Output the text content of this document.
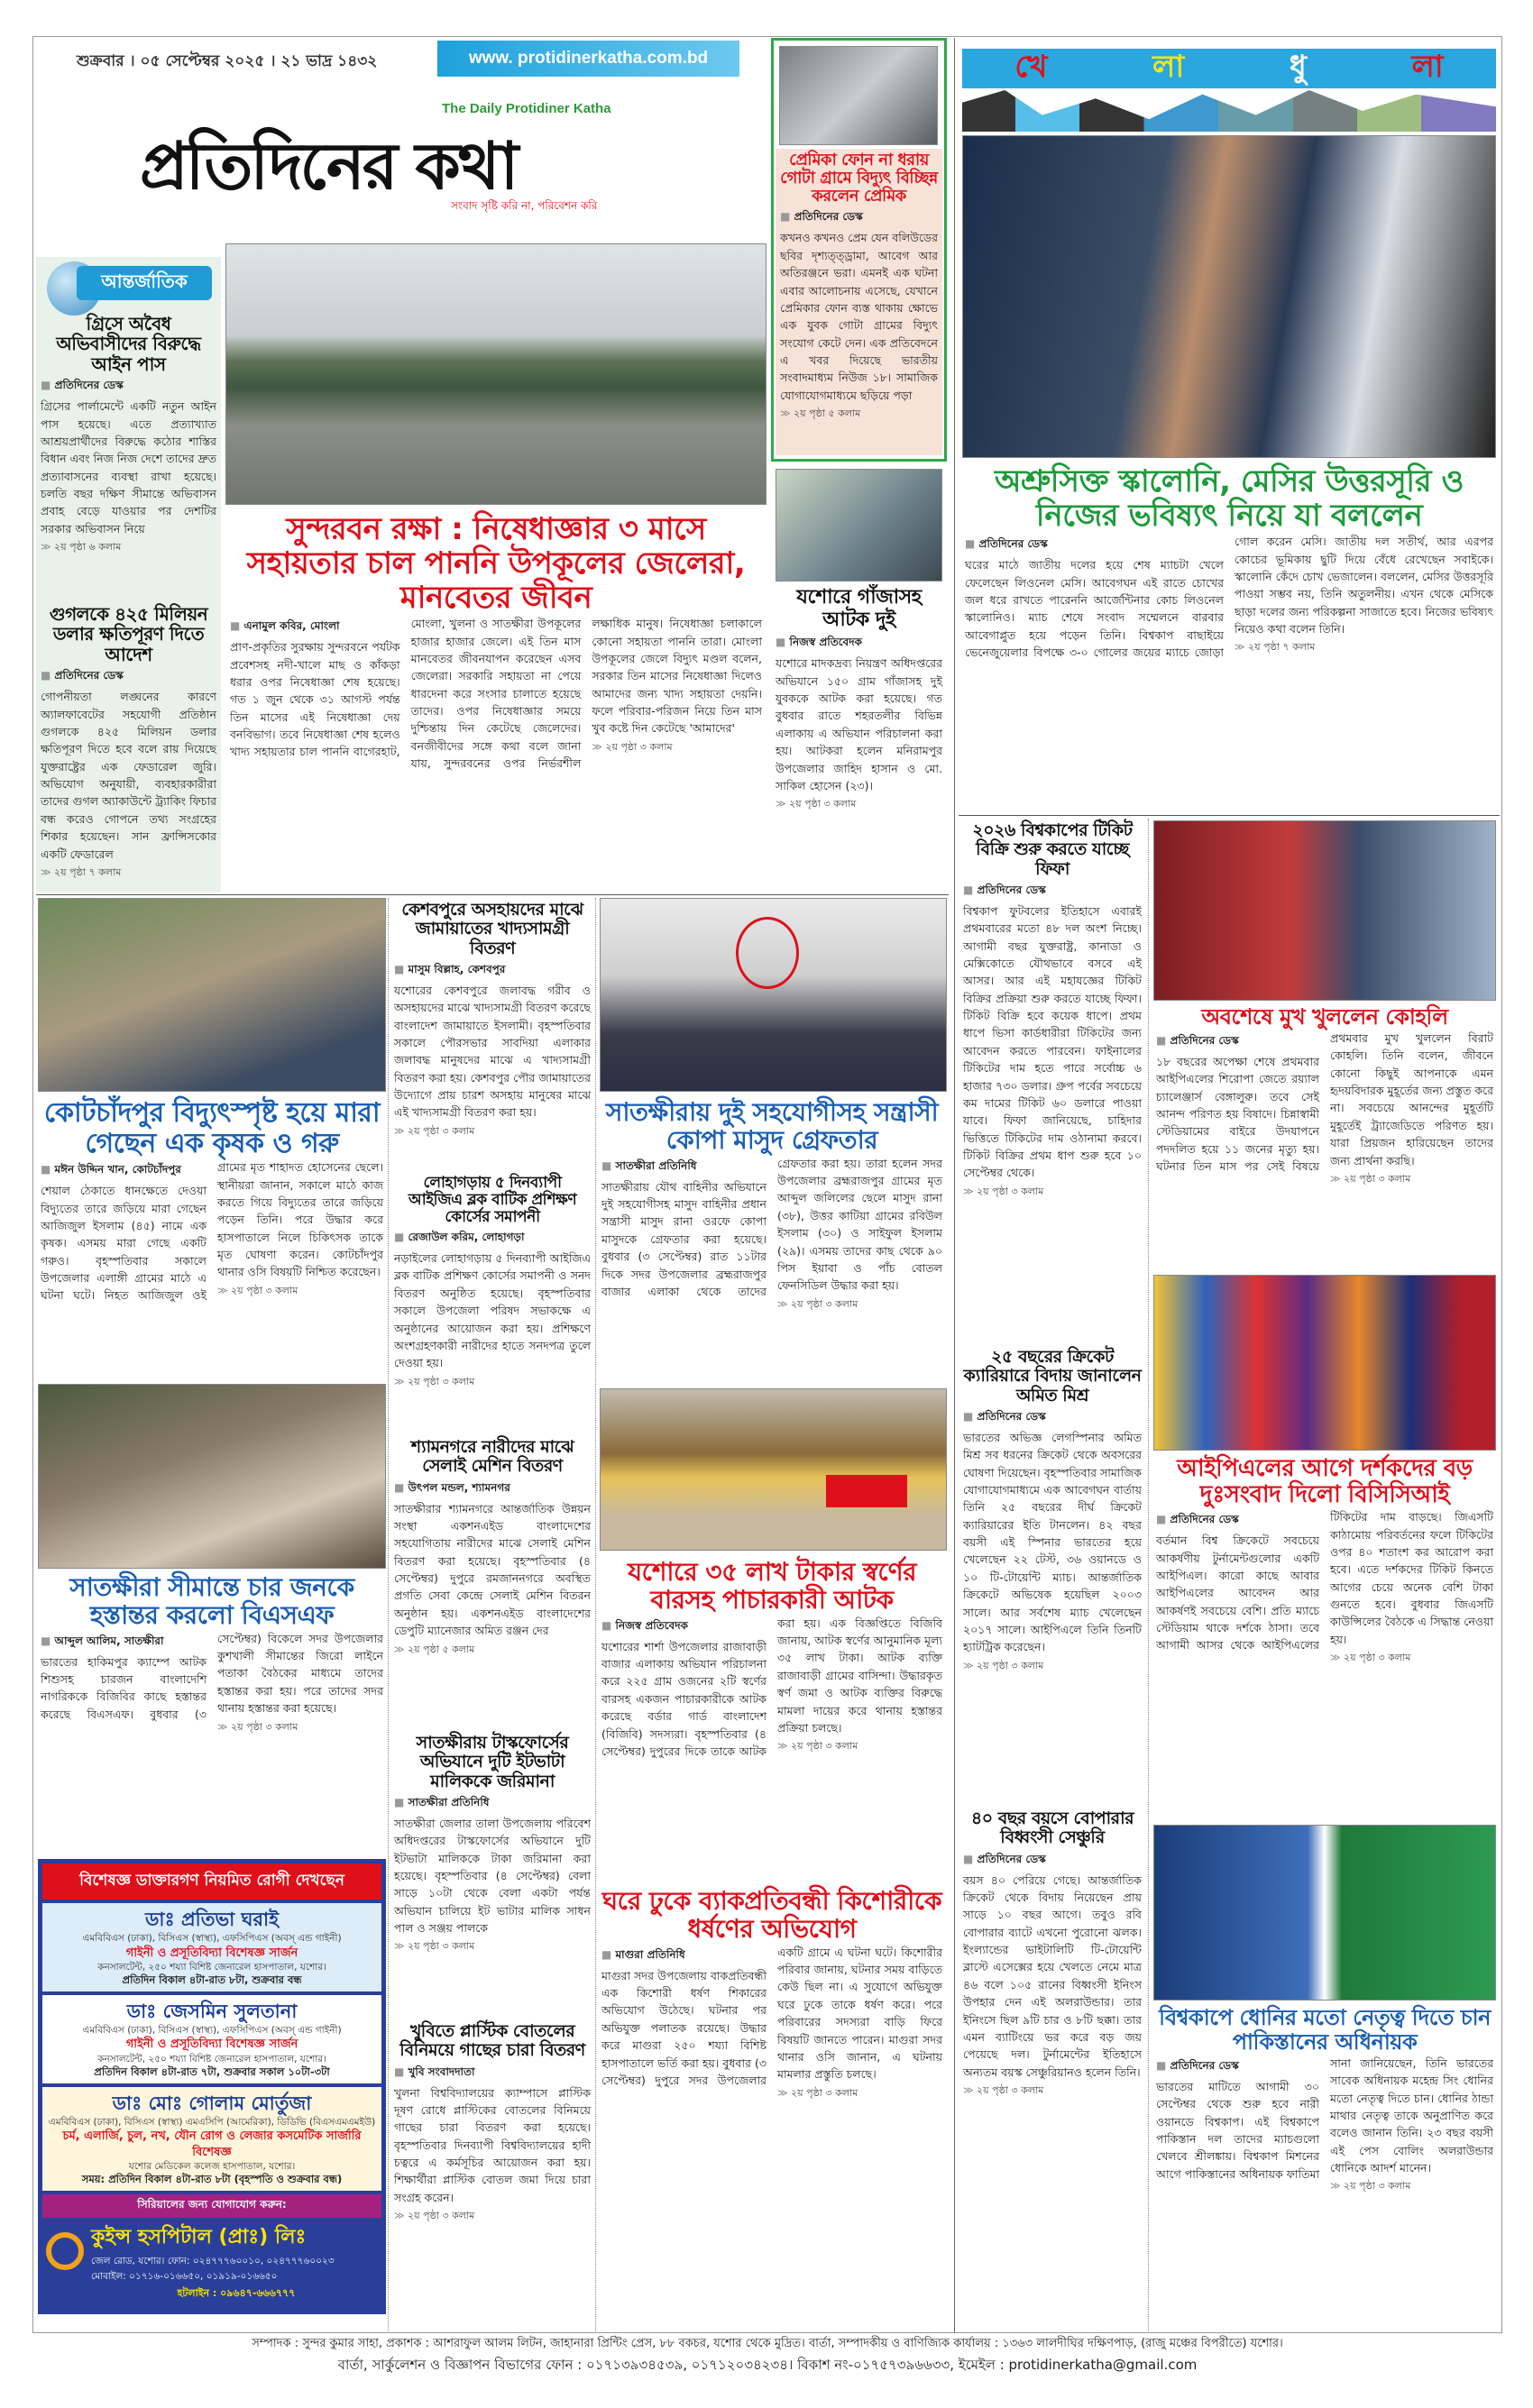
শুক্রবার । ০৫ সেপ্টেম্বর ২০২৫ । ২১ ভাদ্র ১৪৩২	www. protidinerkatha.com.bd
The Daily Protidiner Katha
প্রতিদিনের কথা
সংবাদ সৃষ্টি করি না, পরিবেশন করি
আন্তর্জাতিক
গ্রিসে অবৈধ অভিবাসীদের বিরুদ্ধে আইন পাস
■ প্রতিদিনের ডেস্ক
গ্রিসের পার্লামেন্টে একটি নতুন আইন পাস হয়েছে। এতে প্রত্যাখ্যাত আশ্রয়প্রার্থীদের বিরুদ্ধে কঠোর শাস্তির বিধান এবং নিজ নিজ দেশে তাদের দ্রুত প্রত্যাবাসনের ব্যবস্থা রাখা হয়েছে। চলতি বছর দক্ষিণ সীমান্তে অভিবাসন প্রবাহ বেড়ে যাওয়ার পর দেশটির সরকার অভিবাসন নিয়ে
≫ ২য় পৃষ্ঠা ৬ কলাম
গুগলকে ৪২৫ মিলিয়ন ডলার ক্ষতিপূরণ দিতে আদেশ
■ প্রতিদিনের ডেস্ক
গোপনীয়তা লঙ্ঘনের কারণে অ্যালফাবেটের সহযোগী প্রতিষ্ঠান গুগলকে ৪২৫ মিলিয়ন ডলার ক্ষতিপূরণ দিতে হবে বলে রায় দিয়েছে যুক্তরাষ্ট্রের এক ফেডারেল জুরি। অভিযোগ অনুযায়ী, ব্যবহারকারীরা তাদের গুগল অ্যাকাউন্টে ট্র্যাকিং ফিচার বন্ধ করেও গোপনে তথ্য সংগ্রহের শিকার হয়েছেন। সান ফ্রান্সিসকোর একটি ফেডারেল
≫ ২য় পৃষ্ঠা ৭ কলাম
প্রেমিকা ফোন না ধরায় গোটা গ্রামে বিদ্যুৎ বিচ্ছিন্ন করলেন প্রেমিক
■ প্রতিদিনের ডেস্ক
কখনও কখনও প্রেম যেন বলিউডের ছবির দৃশ্যত্ত্ড্রামা, আবেগ আর অতিরঞ্জনে ভরা। এমনই এক ঘটনা এবার আলোচনায় এসেছে, যেখানে প্রেমিকার ফোন ব্যস্ত থাকায় ক্ষোভে এক যুবক গোটা গ্রামের বিদ্যুৎ সংযোগ কেটে দেন। এক প্রতিবেদনে এ খবর দিয়েছে ভারতীয় সংবাদমাধ্যম নিউজ ১৮। সামাজিক যোগাযোগমাধ্যমে ছড়িয়ে পড়া
≫ ২য় পৃষ্ঠা ৫ কলাম
সুন্দরবন রক্ষা : নিষেধাজ্ঞার ৩ মাসে সহায়তার চাল পাননি উপকূলের জেলেরা, মানবেতর জীবন
■ এনামুল কবির, মোংলা
প্রাণ-প্রকৃতির সুরক্ষায় সুন্দরবনে পর্যটক প্রবেশসহ নদী-খালে মাছ ও কাঁকড়া ধরার ওপর নিষেধাজ্ঞা শেষ হয়েছে। গত ১ জুন থেকে ৩১ আগস্ট পর্যন্ত তিন মাসের এই নিষেধাজ্ঞা দেয় বনবিভাগ। তবে নিষেধাজ্ঞা শেষ হলেও খাদ্য সহায়তার চাল পাননি বাগেরহাট, মোংলা, খুলনা ও সাতক্ষীরা উপকূলের হাজার হাজার জেলে। এই তিন মাস মানবেতর জীবনযাপন করেছেন এসব জেলেরা। সরকারি সহায়তা না পেয়ে ধারদেনা করে সংসার চালাতে হয়েছে তাদের। ওপর নিষেধাজ্ঞার সময়ে দুশ্চিন্তায় দিন কেটেছে জেলেদের। বনজীবীদের সঙ্গে কথা বলে জানা যায়, সুন্দরবনের ওপর নির্ভরশীল লক্ষাধিক মানুষ। নিষেধাজ্ঞা চলাকালে কোনো সহায়তা পাননি তারা। মোংলা উপকূলের জেলে বিদ্যুৎ মণ্ডল বলেন, সরকার তিন মাসের নিষেধাজ্ঞা দিলেও আমাদের জন্য খাদ্য সহায়তা দেয়নি। ফলে পরিবার-পরিজন নিয়ে তিন মাস খুব কষ্টে দিন কেটেছে 'আমাদের'
≫ ২য় পৃষ্ঠা ৩ কলাম
যশোরে গাঁজাসহ আটক দুই
■ নিজস্ব প্রতিবেদক
যশোরে মাদকদ্রব্য নিয়ন্ত্রণ অধিদপ্তরের অভিযানে ১৫০ গ্রাম গাঁজাসহ দুই যুবককে আটক করা হয়েছে। গত বুধবার রাতে শহরতলীর বিভিন্ন এলাকায় এ অভিযান পরিচালনা করা হয়। আটকরা হলেন মনিরামপুর উপজেলার জাহিদ হাসান ও মো. সাকিল হোসেন (২৩)।
≫ ২য় পৃষ্ঠা ৩ কলাম
কোটচাঁদপুর বিদ্যুৎস্পৃষ্ট হয়ে মারা গেছেন এক কৃষক ও গরু
■ মঈন উদ্দিন খান, কোটচাঁদপুর
শেয়াল ঠেকাতে ধানক্ষেতে দেওয়া বিদ্যুতের তারে জড়িয়ে মারা গেছেন আজিজুল ইসলাম (৪৫) নামে এক কৃষক। এসময় মারা গেছে একটি গরুও। বৃহস্পতিবার সকালে উপজেলার এলাঙ্গী গ্রামের মাঠে এ ঘটনা ঘটে। নিহত আজিজুল ওই গ্রামের মৃত শাহাদত হোসেনের ছেলে। স্থানীয়রা জানান, সকালে মাঠে কাজ করতে গিয়ে বিদ্যুতের তারে জড়িয়ে পড়েন তিনি। পরে উদ্ধার করে হাসপাতালে নিলে চিকিৎসক তাকে মৃত ঘোষণা করেন। কোটচাঁদপুর থানার ওসি বিষয়টি নিশ্চিত করেছেন।
≫ ২য় পৃষ্ঠা ৩ কলাম
কেশবপুরে অসহায়দের মাঝে জামায়াতের খাদ্যসামগ্রী বিতরণ
■ মাসুম বিল্লাহ, কেশবপুর
যশোরের কেশবপুরে জলাবদ্ধ গরীব ও অসহায়দের মাঝে খাদ্যসামগ্রী বিতরণ করেছে বাংলাদেশ জামায়াতে ইসলামী। বৃহস্পতিবার সকালে পৌরসভার সাবদিয়া এলাকার জলাবদ্ধ মানুষদের মাঝে এ খাদ্যসামগ্রী বিতরণ করা হয়। কেশবপুর পৌর জামায়াতের উদ্যোগে প্রায় চারশ অসহায় মানুষের মাঝে এই খাদ্যসামগ্রী বিতরণ করা হয়।
≫ ২য় পৃষ্ঠা ৩ কলাম
লোহাগড়ায় ৫ দিনব্যাপী আইজিএ ব্লক বাটিক প্রশিক্ষণ কোর্সের সমাপনী
■ রেজাউল করিম, লোহাগড়া
নড়াইলের লোহাগড়ায় ৫ দিনব্যাপী আইজিএ ব্লক বাটিক প্রশিক্ষণ কোর্সের সমাপনী ও সনদ বিতরণ অনুষ্ঠিত হয়েছে। বৃহস্পতিবার সকালে উপজেলা পরিষদ সভাকক্ষে এ অনুষ্ঠানের আয়োজন করা হয়। প্রশিক্ষণে অংশগ্রহণকারী নারীদের হাতে সনদপত্র তুলে দেওয়া হয়।
≫ ২য় পৃষ্ঠা ৩ কলাম
সাতক্ষীরায় দুই সহযোগীসহ সন্ত্রাসী কোপা মাসুদ গ্রেফতার
■ সাতক্ষীরা প্রতিনিধি
সাতক্ষীরায় যৌথ বাহিনীর অভিযানে দুই সহযোগীসহ মাসুদ বাহিনীর প্রধান সন্ত্রাসী মাসুদ রানা ওরফে কোপা মাসুদকে গ্রেফতার করা হয়েছে। বুধবার (৩ সেপ্টেম্বর) রাত ১১টার দিকে সদর উপজেলার ব্রহ্মরাজপুর বাজার এলাকা থেকে তাদের গ্রেফতার করা হয়। তারা হলেন সদর উপজেলার ব্রহ্মরাজপুর গ্রামের মৃত আব্দুল জলিলের ছেলে মাসুদ রানা (৩৮), উত্তর কাটিয়া গ্রামের রবিউল ইসলাম (৩০) ও সাইফুল ইসলাম (২৯)। এসময় তাদের কাছ থেকে ৯০ পিস ইয়াবা ও পাঁচ বোতল ফেনসিডিল উদ্ধার করা হয়।
≫ ২য় পৃষ্ঠা ৩ কলাম
সাতক্ষীরা সীমান্তে চার জনকে হস্তান্তর করলো বিএসএফ
■ আব্দুল আলিম, সাতক্ষীরা
ভারতের হাকিমপুর ক্যাম্পে আটক শিশুসহ চারজন বাংলাদেশি নাগরিককে বিজিবির কাছে হস্তান্তর করেছে বিএসএফ। বুধবার (৩ সেপ্টেম্বর) বিকেলে সদর উপজেলার কুশখালী সীমান্তের জিরো লাইনে পতাকা বৈঠকের মাধ্যমে তাদের হস্তান্তর করা হয়। পরে তাদের সদর থানায় হস্তান্তর করা হয়েছে।
≫ ২য় পৃষ্ঠা ৩ কলাম
শ্যামনগরে নারীদের মাঝে সেলাই মেশিন বিতরণ
■ উৎপল মন্ডল, শ্যামনগর
সাতক্ষীরার শ্যামনগরে আন্তর্জাতিক উন্নয়ন সংস্থা একশনএইড বাংলাদেশের সহযোগিতায় নারীদের মাঝে সেলাই মেশিন বিতরণ করা হয়েছে। বৃহস্পতিবার (৪ সেপ্টেম্বর) দুপুরে রমজাননগরে অবস্থিত প্রগতি সেবা কেন্দ্রে সেলাই মেশিন বিতরন অনুষ্ঠান হয়। একশনএইড বাংলাদেশের ডেপুটি ম্যানেজার অমিত রঞ্জন দের
≫ ২য় পৃষ্ঠা ৫ কলাম
সাতক্ষীরায় টাস্কফোর্সের অভিযানে দুটি ইটভাটা মালিককে জরিমানা
■ সাতক্ষীরা প্রতিনিধি
সাতক্ষীরা জেলার তালা উপজেলায় পরিবেশ অধিদপ্তরের টাস্কফোর্সের অভিযানে দুটি ইটভাটা মালিককে টাকা জরিমানা করা হয়েছে। বৃহস্পতিবার (৪ সেপ্টেম্বর) বেলা সাড়ে ১০টা থেকে বেলা একটা পর্যন্ত অভিযান চালিয়ে ইট ভাটার মালিক সাধন পাল ও সঞ্জয় পালকে
≫ ২য় পৃষ্ঠা ৩ কলাম
খুবিতে প্লাস্টিক বোতলের বিনিময়ে গাছের চারা বিতরণ
■ খুবি সংবাদদাতা
খুলনা বিশ্ববিদ্যালয়ের ক্যাম্পাসে প্লাস্টিক দূষণ রোধে প্লাস্টিকের বোতলের বিনিময়ে গাছের চারা বিতরণ করা হয়েছে। বৃহস্পতিবার দিনব্যাপী বিশ্ববিদ্যালয়ের হাদী চত্বরে এ কর্মসূচির আয়োজন করা হয়। শিক্ষার্থীরা প্লাস্টিক বোতল জমা দিয়ে চারা সংগ্রহ করেন।
≫ ২য় পৃষ্ঠা ৩ কলাম
যশোরে ৩৫ লাখ টাকার স্বর্ণের বারসহ পাচারকারী আটক
■ নিজস্ব প্রতিবেদক
যশোরের শার্শা উপজেলার রাজাবাড়ী বাজার এলাকায় অভিযান পরিচালনা করে ২২৫ গ্রাম ওজনের ২টি স্বর্ণের বারসহ একজন পাচারকারীকে আটক করেছে বর্ডার গার্ড বাংলাদেশ (বিজিবি) সদস্যরা। বৃহস্পতিবার (৪ সেপ্টেম্বর) দুপুরের দিকে তাকে আটক করা হয়। এক বিজ্ঞপ্তিতে বিজিবি জানায়, আটক স্বর্ণের আনুমানিক মূল্য ৩৫ লাখ টাকা। আটক ব্যক্তি রাজাবাড়ী গ্রামের বাসিন্দা। উদ্ধারকৃত স্বর্ণ জমা ও আটক ব্যক্তির বিরুদ্ধে মামলা দায়ের করে থানায় হস্তান্তর প্রক্রিয়া চলছে।
≫ ২য় পৃষ্ঠা ৩ কলাম
ঘরে ঢুকে ব্যাকপ্রতিবন্ধী কিশোরীকে ধর্ষণের অভিযোগ
■ মাগুরা প্রতিনিধি
মাগুরা সদর উপজেলায় বাকপ্রতিবন্ধী এক কিশোরী ধর্ষণ শিকারের অভিযোগ উঠেছে। ঘটনার পর অভিযুক্ত পলাতক রয়েছে। উদ্ধার করে মাগুরা ২৫০ শয্যা বিশিষ্ট হাসপাতালে ভর্তি করা হয়। বুধবার (৩ সেপ্টেম্বর) দুপুরে সদর উপজেলার একটি গ্রামে এ ঘটনা ঘটে। কিশোরীর পরিবার জানায়, ঘটনার সময় বাড়িতে কেউ ছিল না। এ সুযোগে অভিযুক্ত ঘরে ঢুকে তাকে ধর্ষণ করে। পরে পরিবারের সদস্যরা বাড়ি ফিরে বিষয়টি জানতে পারেন। মাগুরা সদর থানার ওসি জানান, এ ঘটনায় মামলার প্রস্তুতি চলছে।
≫ ২য় পৃষ্ঠা ৩ কলাম
বিশেষজ্ঞ ডাক্তারগণ নিয়মিত রোগী দেখছেন
ডাঃ প্রতিভা ঘরাই
এমবিবিএস (ঢাকা), বিসিএস (স্বাস্থ্য), এফসিপিএস (অবস্ এন্ড গাইনী)
গাইনী ও প্রসূতিবিদ্যা বিশেষজ্ঞ সার্জন
কনসালটেন্ট, ২৫০ শয্যা বিশিষ্ট জেনারেল হাসপাতাল, যশোর।
প্রতিদিন বিকাল ৪টা-রাত ৮টা, শুক্রবার বন্ধ
ডাঃ জেসমিন সুলতানা
এমবিবিএস (ঢাকা), বিসিএস (স্বাস্থ্য), এফসিপিএস (অবস্ এন্ড গাইনী)
গাইনী ও প্রসূতিবিদ্যা বিশেষজ্ঞ সার্জন
কনসালটেন্ট, ২৫০ শয্যা বিশিষ্ট জেনারেল হাসপাতাল, যশোর।
প্রতিদিন বিকাল ৪টা-রাত ৭টা, শুক্রবার সকাল ১০টা-৩টা
ডাঃ মোঃ গোলাম মোর্তুজা
এমবিবিএস (ঢাকা), বিসিএস (স্বাস্থ্য) এমএসিপি (আমেরিকা), ডিডিভি (বিএসএমএমইউ)
চর্ম, এলার্জি, চুল, নখ, যৌন রোগ ও লেজার কসমেটিক সার্জারি বিশেষজ্ঞ
যশোর মেডিকেল কলেজ হাসপাতাল, যশোর।
সময়: প্রতিদিন বিকাল ৪টা-রাত ৮টা (বৃহস্পতি ও শুক্রবার বন্ধ)
সিরিয়ালের জন্য যোগাযোগ করুন:
কুইন্স হসপিটাল (প্রাঃ) লিঃ
জেল রোড, যশোর। ফোন: ০২৪৭৭৭৬০০১০, ০২৪৭৭৭৬০০২৩
মোবাইল: ০১৭১৬-০১৬৬৫০, ০১৯১৯-০১৬৬৫০
হটলাইন : ০৯৬৪৭-৬৬৬৭৭৭
খে	লা	ধু	লা
অশ্রুসিক্ত স্কালোনি, মেসির উত্তরসূরি ও নিজের ভবিষ্যৎ নিয়ে যা বললেন
■ প্রতিদিনের ডেস্ক
ঘরের মাঠে জাতীয় দলের হয়ে শেষ ম্যাচটা খেলে ফেলেছেন লিওনেল মেসি। আবেগঘন এই রাতে চোখের জল ধরে রাখতে পারেননি আর্জেন্টিনার কোচ লিওনেল স্কালোনিও। ম্যাচ শেষে সংবাদ সম্মেলনে বারবার আবেগাপ্লুত হয়ে পড়েন তিনি। বিশ্বকাপ বাছাইয়ে ভেনেজুয়েলার বিপক্ষে ৩-০ গোলের জয়ের ম্যাচে জোড়া গোল করেন মেসি। জাতীয় দল সতীর্থ, আর এরপর কোচের ভূমিকায় ছুটি দিয়ে বেঁধে রেখেছেন সবাইকে। স্কালোনি কেঁদে চোখ ভেজালেন। বললেন, মেসির উত্তরসূরি পাওয়া সম্ভব নয়, তিনি অতুলনীয়। এখন থেকে মেসিকে ছাড়া দলের জন্য পরিকল্পনা সাজাতে হবে। নিজের ভবিষ্যৎ নিয়েও কথা বলেন তিনি।
≫ ২য় পৃষ্ঠা ৭ কলাম
২০২৬ বিশ্বকাপের টিকিট বিক্রি শুরু করতে যাচ্ছে ফিফা
■ প্রতিদিনের ডেস্ক
বিশ্বকাপ ফুটবলের ইতিহাসে এবারই প্রথমবারের মতো ৪৮ দল অংশ নিচ্ছে। আগামী বছর যুক্তরাষ্ট্র, কানাডা ও মেক্সিকোতে যৌথভাবে বসবে এই আসর। আর এই মহাযজ্ঞের টিকিট বিক্রির প্রক্রিয়া শুরু করতে যাচ্ছে ফিফা। টিকিট বিক্রি হবে কয়েক ধাপে। প্রথম ধাপে ভিসা কার্ডধারীরা টিকিটের জন্য আবেদন করতে পারবেন। ফাইনালের টিকিটের দাম হতে পারে সর্বোচ্চ ৬ হাজার ৭৩০ ডলার। গ্রুপ পর্বের সবচেয়ে কম দামের টিকিট ৬০ ডলারে পাওয়া যাবে। ফিফা জানিয়েছে, চাহিদার ভিত্তিতে টিকিটের দাম ওঠানামা করবে। টিকিট বিক্রির প্রথম ধাপ শুরু হবে ১০ সেপ্টেম্বর থেকে।
≫ ২য় পৃষ্ঠা ৩ কলাম
২৫ বছরের ক্রিকেট ক্যারিয়ারে বিদায় জানালেন অমিত মিশ্র
■ প্রতিদিনের ডেস্ক
ভারতের অভিজ্ঞ লেগস্পিনার অমিত মিশ্র সব ধরনের ক্রিকেট থেকে অবসরের ঘোষণা দিয়েছেন। বৃহস্পতিবার সামাজিক যোগাযোগমাধ্যমে এক আবেগঘন বার্তায় তিনি ২৫ বছরের দীর্ঘ ক্রিকেট ক্যারিয়ারের ইতি টানলেন। ৪২ বছর বয়সী এই স্পিনার ভারতের হয়ে খেলেছেন ২২ টেস্ট, ৩৬ ওয়ানডে ও ১০ টি-টোয়েন্টি ম্যাচ। আন্তর্জাতিক ক্রিকেটে অভিষেক হয়েছিল ২০০৩ সালে। আর সর্বশেষ ম্যাচ খেলেছেন ২০১৭ সালে। আইপিএলে তিনি তিনটি হ্যাটট্রিক করেছেন।
≫ ২য় পৃষ্ঠা ৩ কলাম
৪০ বছর বয়সে বোপারার বিধ্বংসী সেঞ্চুরি
■ প্রতিদিনের ডেস্ক
বয়স ৪০ পেরিয়ে গেছে। আন্তর্জাতিক ক্রিকেট থেকে বিদায় নিয়েছেন প্রায় সাড়ে ১০ বছর আগে। তবুও রবি বোপারার ব্যাটে এখনো পুরোনো ঝলক। ইংল্যান্ডের ভাইটালিটি টি-টোয়েন্টি ব্লাস্টে এসেক্সের হয়ে খেলতে নেমে মাত্র ৪৬ বলে ১০৫ রানের বিধ্বংসী ইনিংস উপহার দেন এই অলরাউন্ডার। তার ইনিংসে ছিল ৯টি চার ও ৮টি ছক্কা। তার এমন ব্যাটিংয়ে ভর করে বড় জয় পেয়েছে দল। টুর্নামেন্টের ইতিহাসে অন্যতম বয়স্ক সেঞ্চুরিয়ানও হলেন তিনি।
≫ ২য় পৃষ্ঠা ৩ কলাম
অবশেষে মুখ খুললেন কোহলি
■ প্রতিদিনের ডেস্ক
১৮ বছরের অপেক্ষা শেষে প্রথমবার আইপিএলের শিরোপা জেতে রয়্যাল চ্যালেঞ্জার্স বেঙ্গালুরু। তবে সেই আনন্দ পরিণত হয় বিষাদে। চিন্নাস্বামী স্টেডিয়ামের বাইরে উদযাপনে পদদলিত হয়ে ১১ জনের মৃত্যু হয়। ঘটনার তিন মাস পর সেই বিষয়ে প্রথমবার মুখ খুললেন বিরাট কোহলি। তিনি বলেন, জীবনে কোনো কিছুই আপনাকে এমন হৃদয়বিদারক মুহূর্তের জন্য প্রস্তুত করে না। সবচেয়ে আনন্দের মুহূর্তটি মুহূর্তেই ট্র্যাজেডিতে পরিণত হয়। যারা প্রিয়জন হারিয়েছেন তাদের জন্য প্রার্থনা করছি।
≫ ২য় পৃষ্ঠা ৩ কলাম
আইপিএলের আগে দর্শকদের বড় দুঃসংবাদ দিলো বিসিসিআই
■ প্রতিদিনের ডেস্ক
বর্তমান বিশ্ব ক্রিকেটে সবচেয়ে আকর্ষণীয় টুর্নামেন্টগুলোর একটি আইপিএল। কারো কাছে আবার আইপিএলের আবেদন আর আকর্ষণই সবচেয়ে বেশি। প্রতি ম্যাচে স্টেডিয়াম থাকে দর্শকে ঠাসা। তবে আগামী আসর থেকে আইপিএলের টিকিটের দাম বাড়ছে। জিএসটি কাঠামোয় পরিবর্তনের ফলে টিকিটের ওপর ৪০ শতাংশ কর আরোপ করা হবে। এতে দর্শকদের টিকিট কিনতে আগের চেয়ে অনেক বেশি টাকা গুনতে হবে। বুধবার জিএসটি কাউন্সিলের বৈঠকে এ সিদ্ধান্ত নেওয়া হয়।
≫ ২য় পৃষ্ঠা ৩ কলাম
বিশ্বকাপে ধোনির মতো নেতৃত্ব দিতে চান পাকিস্তানের অধিনায়ক
■ প্রতিদিনের ডেস্ক
ভারতের মাটিতে আগামী ৩০ সেপ্টেম্বর থেকে শুরু হবে নারী ওয়ানডে বিশ্বকাপ। এই বিশ্বকাপে পাকিস্তান দল তাদের ম্যাচগুলো খেলবে শ্রীলঙ্কায়। বিশ্বকাপ মিশনের আগে পাকিস্তানের অধিনায়ক ফাতিমা সানা জানিয়েছেন, তিনি ভারতের সাবেক অধিনায়ক মহেন্দ্র সিং ধোনির মতো নেতৃত্ব দিতে চান। ধোনির ঠান্ডা মাথার নেতৃত্ব তাকে অনুপ্রাণিত করে বলেও জানান তিনি। ২৩ বছর বয়সী এই পেস বোলিং অলরাউন্ডার ধোনিকে আদর্শ মানেন।
≫ ২য় পৃষ্ঠা ৩ কলাম
সম্পাদক : সুন্দর কুমার সাহা, প্রকাশক : আশরাফুল আলম লিটন, জাহানারা প্রিন্টিং প্রেস, ৮৮ বকচর, যশোর থেকে মুদ্রিত। বার্তা, সম্পাদকীয় ও বাণিজ্যিক কার্যালয় : ১৩৬৩ লালদীঘির দক্ষিণপাড়, (রাজু মঞ্চের বিপরীতে) যশোর।
বার্তা, সার্কুলেশন ও বিজ্ঞাপন বিভাগের ফোন : ০১৭১৩৯৩৪৫৩৯, ০১৭১২০৩৪২৩৪। বিকাশ নং-০১৭৫৭৩৯৬৬৩৩, ইমেইল : protidinerkatha@gmail.com
